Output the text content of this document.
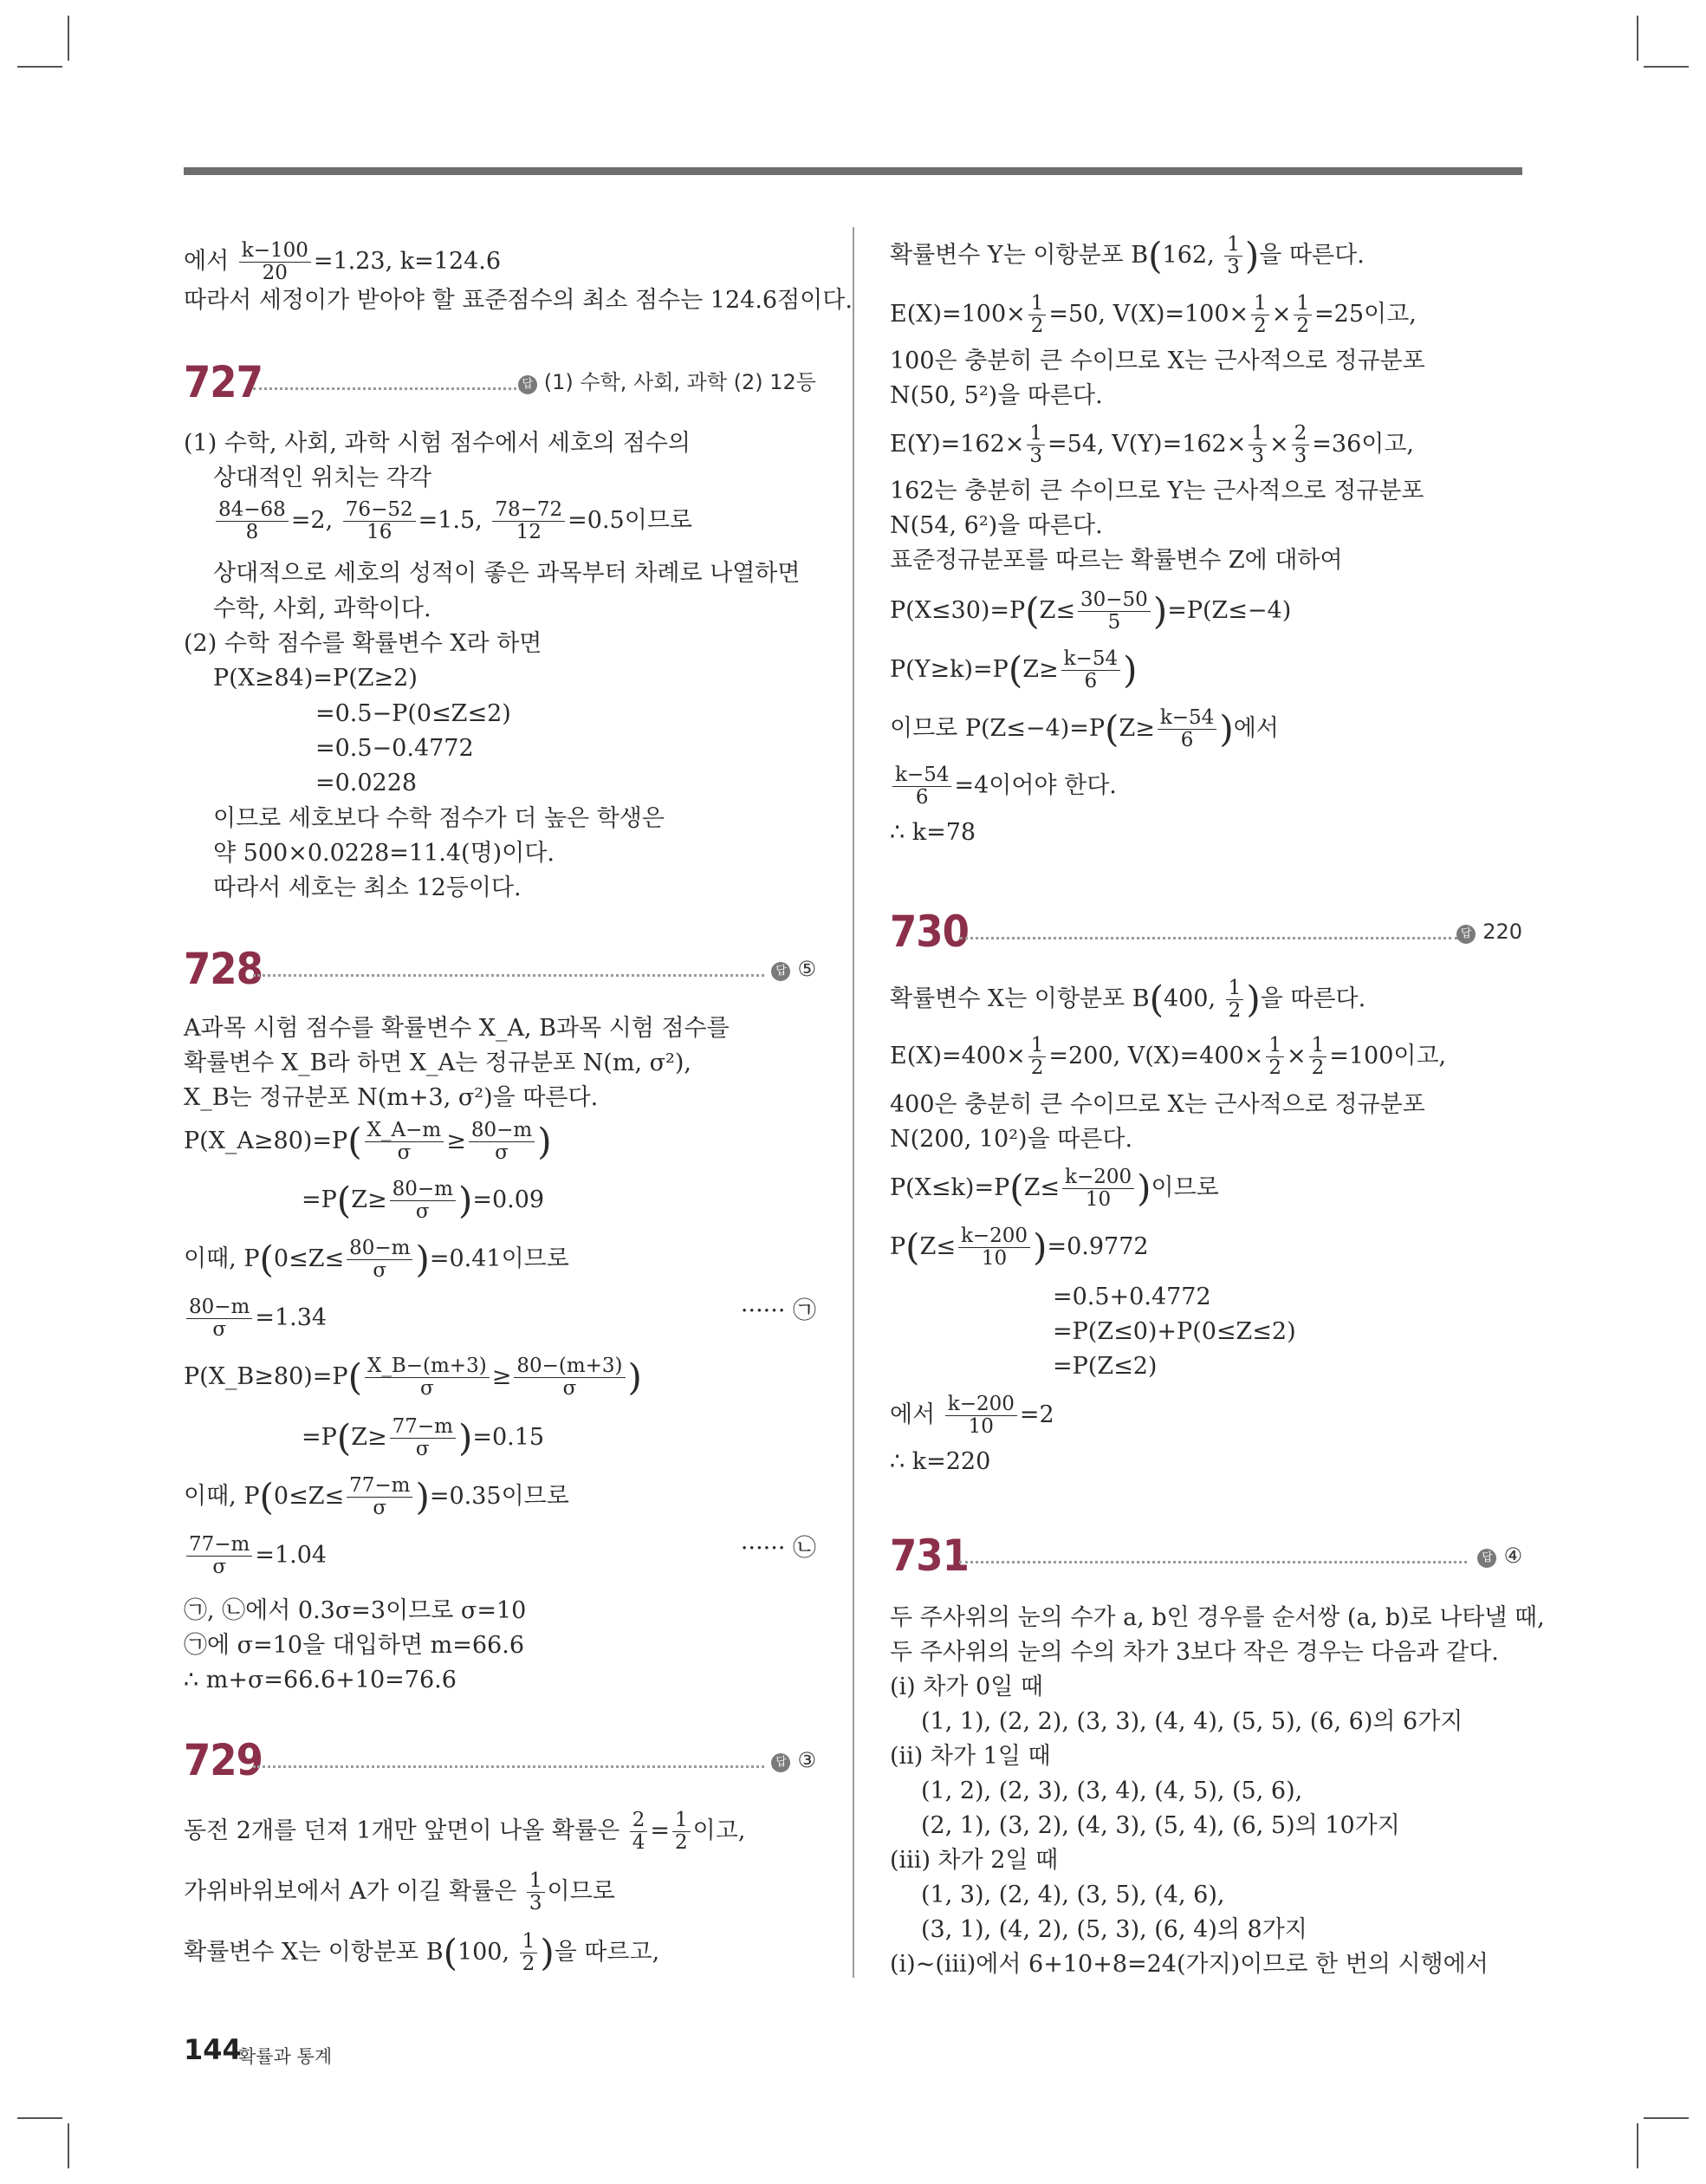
에서 $\frac{k-100}{20} =1.23$, k=124.6
따라서 세정이가 받아야 할 표준점수의 최소 점수는 124.6점이다.
727	답 (1) 수학, 사회, 과학 (2) 12등
(1) 수학, 사회, 과학 시험 점수에서 세호의 점수의
상대적인 위치는 각각
$\frac{84-68}{8} =2$, $\frac{76-52}{16} =1.5$, $\frac{78-72}{12} =0.5$이므로
상대적으로 세호의 성적이 좋은 과목부터 차례로 나열하면
수학, 사회, 과학이다.
(2) 수학 점수를 확률변수 X라 하면
P(X≥84)=P(Z≥2)
=0.5−P(0≤Z≤2)
=0.5−0.4772
=0.0228
이므로 세호보다 수학 점수가 더 높은 학생은
약 500×0.0228=11.4(명)이다.
따라서 세호는 최소 12등이다.
728	답 ⑤
A과목 시험 점수를 확률변수 X_A, B과목 시험 점수를
확률변수 X_B라 하면 X_A는 정규분포 N(m, σ²),
X_B는 정규분포 N(m+3, σ²)을 따른다.
P(X_A≥80)=P( $\frac{X\_A-m}{\sigma} \ge \frac{80-m}{\sigma}$ )
$=P(Z\ge \frac{80-m}{\sigma} )=0.09$
이때, $P(0\le Z\le \frac{80-m}{\sigma} )=0.41$이므로
$\frac{80-m}{\sigma} =1.34$	······ ㉠
P(X_B≥80)=P( $\frac{X\_B-(m+3)}{\sigma} \ge \frac{80-(m+3)}{\sigma}$ )
$=P(Z\ge \frac{77-m}{\sigma} )=0.15$
이때, $P(0\le Z\le \frac{77-m}{\sigma} )=0.35$이므로
$\frac{77-m}{\sigma} =1.04$	······ ㉡
㉠, ㉡에서 0.3σ=3이므로 σ=10
㉠에 σ=10을 대입하면 m=66.6
∴ m+σ=66.6+10=76.6
729	답 ③
동전 2개를 던져 1개만 앞면이 나올 확률은 $\frac{2}{4} = \frac{1}{2}$ 이고,
가위바위보에서 A가 이길 확률은 $\frac{1}{3}$ 이므로
확률변수 X는 이항분포 B(100, $\frac{1}{2}$ )을 따르고,
확률변수 Y는 이항분포 B(162, $\frac{1}{3}$ )을 따른다.
$E(X)=100\times \frac{1}{2} =50$, $V(X)=100\times \frac{1}{2} \times \frac{1}{2} =25$이고,
100은 충분히 큰 수이므로 X는 근사적으로 정규분포
N(50, 5²)을 따른다.
$E(Y)=162\times \frac{1}{3} =54$, $V(Y)=162\times \frac{1}{3} \times \frac{2}{3} =36$이고,
162는 충분히 큰 수이므로 Y는 근사적으로 정규분포
N(54, 6²)을 따른다.
표준정규분포를 따르는 확률변수 Z에 대하여
$P(X\le 30)=P(Z\le \frac{30-50}{5} )=P(Z\le-4)$
$P(Y\ge k)=P(Z\ge \frac{k-54}{6}$ )
이므로 $P(Z\le-4)=P(Z\ge \frac{k-54}{6}$ )에서
$\frac{k-54}{6} =4$이어야 한다.
∴ k=78
730	답 220
확률변수 X는 이항분포 B(400, $\frac{1}{2}$ )을 따른다.
$E(X)=400\times \frac{1}{2} =200$, $V(X)=400\times \frac{1}{2} \times \frac{1}{2} =100$이고,
400은 충분히 큰 수이므로 X는 근사적으로 정규분포
N(200, 10²)을 따른다.
$P(X\le k)=P(Z\le \frac{k-200}{10}$ )이므로
$P(Z\le \frac{k-200}{10} )=0.9772$
=0.5+0.4772
=P(Z≤0)+P(0≤Z≤2)
=P(Z≤2)
에서 $\frac{k-200}{10} =2$
∴ k=220
731	답 ④
두 주사위의 눈의 수가 a, b인 경우를 순서쌍 (a, b)로 나타낼 때,
두 주사위의 눈의 수의 차가 3보다 작은 경우는 다음과 같다.
(i) 차가 0일 때
(1, 1), (2, 2), (3, 3), (4, 4), (5, 5), (6, 6)의 6가지
(ii) 차가 1일 때
(1, 2), (2, 3), (3, 4), (4, 5), (5, 6),
(2, 1), (3, 2), (4, 3), (5, 4), (6, 5)의 10가지
(iii) 차가 2일 때
(1, 3), (2, 4), (3, 5), (4, 6),
(3, 1), (4, 2), (5, 3), (6, 4)의 8가지
(i)~(iii)에서 6+10+8=24(가지)이므로 한 번의 시행에서
144
확률과 통계
